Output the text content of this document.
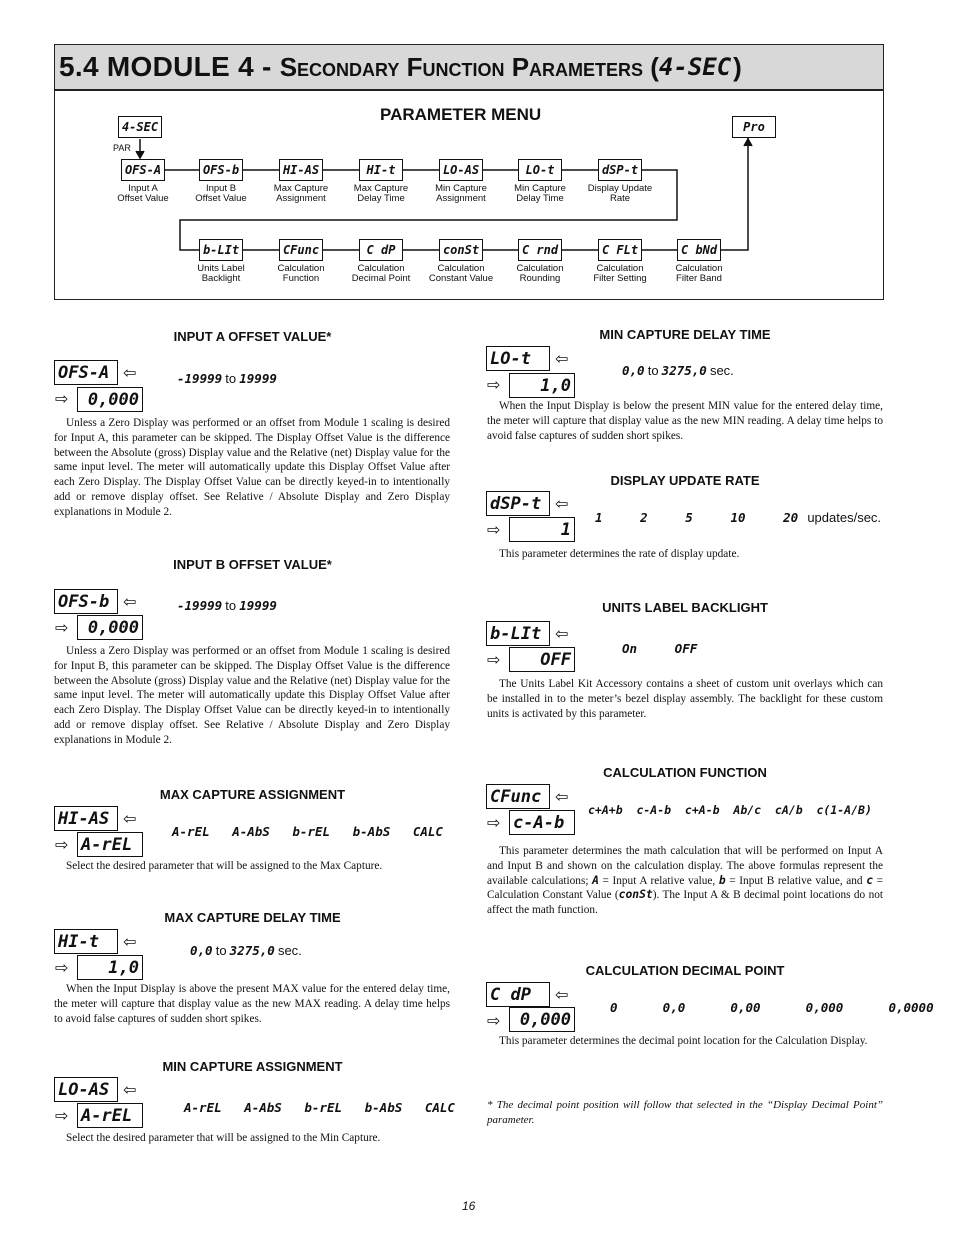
5.4 MODULE 4 - Secondary Function Parameters ( 4-SEC )
PARAMETER MENU
4-SEC
PAR
Pro
OFS-A
Input A
Offset Value
OFS-b
Input B
Offset Value
HI-AS
Max Capture
Assignment
HI-t
Max Capture
Delay Time
LO-AS
Min Capture
Assignment
LO-t
Min Capture
Delay Time
dSP-t
Display Update
Rate
b-LIt
Units Label
Backlight
CFunc
Calculation
Function
C dP
Calculation
Decimal Point
conSt
Calculation
Constant Value
C rnd
Calculation
Rounding
C FLt
Calculation
Filter Setting
C bNd
Calculation
Filter Band
INPUT A OFFSET VALUE*
OFS-A ⇦
⇨	0,000
-19999 to 19999
Unless a Zero Display was performed or an offset from Module 1 scaling is desired for Input A, this parameter can be skipped. The Display Offset Value is the difference between the Absolute (gross) Display value and the Relative (net) Display value for the same input level. The meter will automatically update this Display Offset Value after each Zero Display. The Display Offset Value can be directly keyed-in to intentionally add or remove display offset. See Relative / Absolute Display and Zero Display explanations in Module 2.
INPUT B OFFSET VALUE*
OFS-b ⇦
⇨	0,000
-19999 to 19999
Unless a Zero Display was performed or an offset from Module 1 scaling is desired for Input B, this parameter can be skipped. The Display Offset Value is the difference between the Absolute (gross) Display value and the Relative (net) Display value for the same input level. The meter will automatically update this Display Offset Value after each Zero Display. The Display Offset Value can be directly keyed-in to intentionally add or remove display offset. See Relative / Absolute Display and Zero Display explanations in Module 2.
MAX CAPTURE ASSIGNMENT
HI-AS ⇦
⇨ A-rEL
A-rEL   A-AbS   b-rEL   b-AbS   CALC
Select the desired parameter that will be assigned to the Max Capture.
MAX CAPTURE DELAY TIME
HI-t	⇦
⇨	1,0
0,0 to 3275,0 sec.
When the Input Display is above the present MAX value for the entered delay time, the meter will capture that display value as the new MAX reading. A delay time helps to avoid false captures of sudden short spikes.
MIN CAPTURE ASSIGNMENT
LO-AS ⇦
⇨ A-rEL	A-rEL   A-AbS   b-rEL   b-AbS   CALC
Select the desired parameter that will be assigned to the Min Capture.
MIN CAPTURE DELAY TIME
LO-t	⇦
⇨	1,0
0,0 to 3275,0 sec.
When the Input Display is below the present MIN value for the entered delay time, the meter will capture that display value as the new MIN reading. A delay time helps to avoid false captures of sudden short spikes.
DISPLAY UPDATE RATE
dSP-t ⇦
⇨	1
1     2     5     10     20 updates/sec.
This parameter determines the rate of display update.
UNITS LABEL BACKLIGHT
b-LIt ⇦
⇨	OFF
On     OFF
The Units Label Kit Accessory contains a sheet of custom unit overlays which can be installed in to the meter’s bezel display assembly. The backlight for these custom units is activated by this parameter.
CALCULATION FUNCTION
CFunc ⇦
⇨ c-A-b
c+A+b  c-A-b  c+A-b  Ab/c  cA/b  c(1-A/B)
This parameter determines the math calculation that will be performed on Input A and Input B and shown on the calculation display. The above formulas represent the available calculations; A = Input A relative value, b = Input B relative value, and c = Calculation Constant Value (conSt). The Input A & B decimal point locations do not affect the math function.
CALCULATION DECIMAL POINT
C dP	⇦
⇨	0,000
0      0,0      0,00      0,000      0,0000
This parameter determines the decimal point location for the Calculation Display.
* The decimal point position will follow that selected in the “Display Decimal Point” parameter.
16
